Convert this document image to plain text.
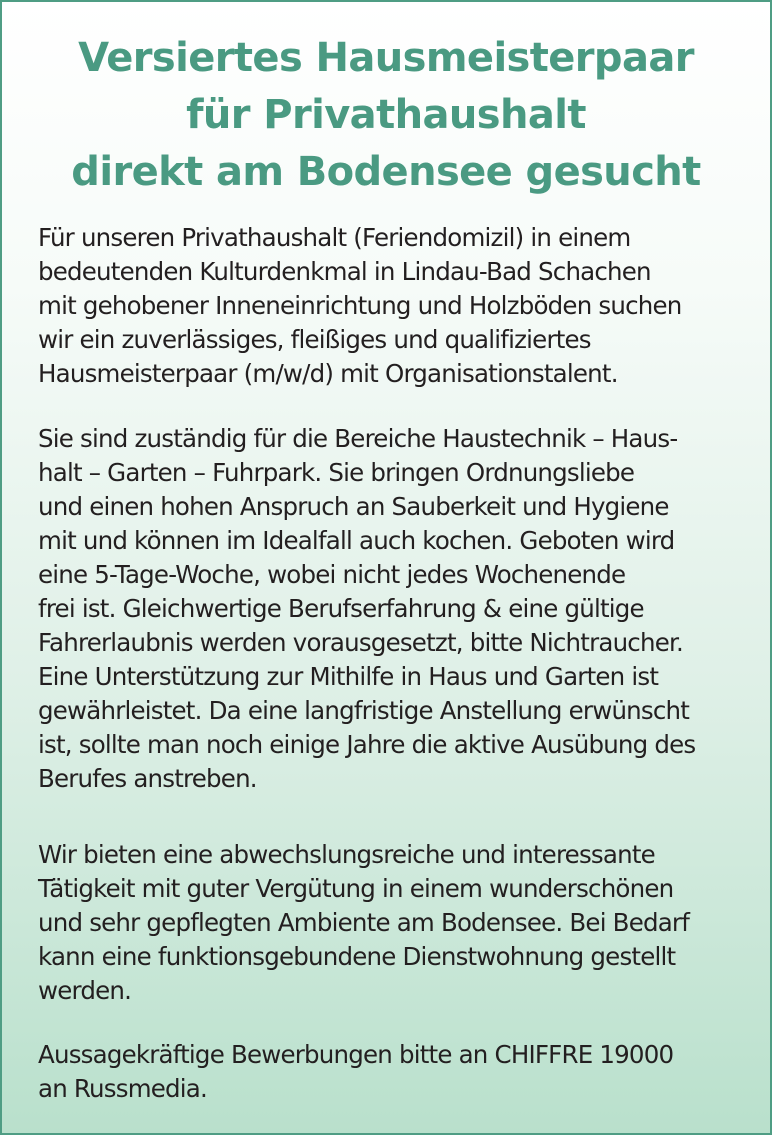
Versiertes Hausmeisterpaar
für Privathaushalt
direkt am Bodensee gesucht

Für unseren Privathaushalt (Feriendomizil) in einem
bedeutenden Kulturdenkmal in Lindau-Bad Schachen
mit gehobener Inneneinrichtung und Holzböden suchen
wir ein zuverlässiges, fleißiges und qualifiziertes
Hausmeisterpaar (m/w/d) mit Organisationstalent.

Sie sind zuständig für die Bereiche Haustechnik – Haus-
halt – Garten – Fuhrpark. Sie bringen Ordnungsliebe
und einen hohen Anspruch an Sauberkeit und Hygiene
mit und können im Idealfall auch kochen. Geboten wird
eine 5-Tage-Woche, wobei nicht jedes Wochenende
frei ist. Gleichwertige Berufserfahrung & eine gültige
Fahrerlaubnis werden vorausgesetzt, bitte Nichtraucher.
Eine Unterstützung zur Mithilfe in Haus und Garten ist
gewährleistet. Da eine langfristige Anstellung erwünscht
ist, sollte man noch einige Jahre die aktive Ausübung des
Berufes anstreben.

Wir bieten eine abwechslungsreiche und interessante
Tätigkeit mit guter Vergütung in einem wunderschönen
und sehr gepflegten Ambiente am Bodensee. Bei Bedarf
kann eine funktionsgebundene Dienstwohnung gestellt
werden.

Aussagekräftige Bewerbungen bitte an CHIFFRE 19000
an Russmedia.
